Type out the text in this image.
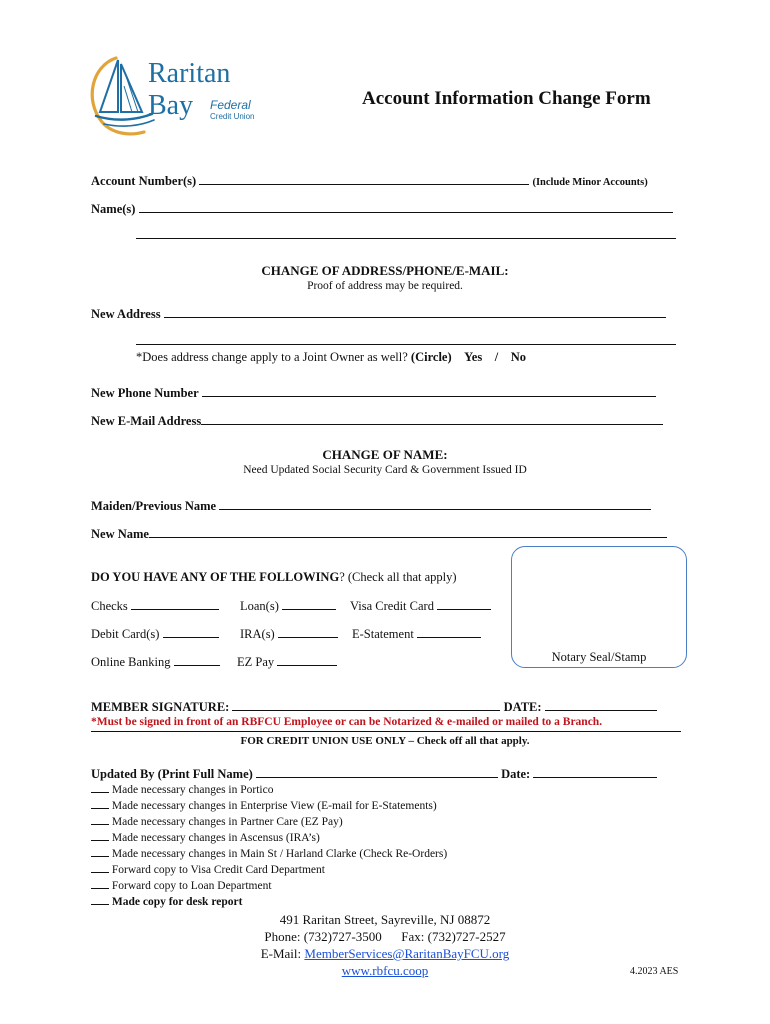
Raritan
Bay Federal
Credit Union
Account Information Change Form
Account Number(s)	(Include Minor Accounts)
Name(s)
CHANGE OF ADDRESS/PHONE/E-MAIL:
Proof of address may be required.
New Address
*Does address change apply to a Joint Owner as well? (Circle) Yes / No
New Phone Number
New E-Mail Address
CHANGE OF NAME:
Need Updated Social Security Card & Government Issued ID
Maiden/Previous Name
New Name
DO YOU HAVE ANY OF THE FOLLOWING? (Check all that apply)
Checks	Loan(s)	Visa Credit Card
Debit Card(s)	IRA(s)	E-Statement
Online Banking	EZ Pay	Notary Seal/Stamp
MEMBER SIGNATURE:	DATE:
*Must be signed in front of an RBFCU Employee or can be Notarized & e-mailed or mailed to a Branch.
FOR CREDIT UNION USE ONLY – Check off all that apply.
Updated By (Print Full Name)	Date:
Made necessary changes in Portico
Made necessary changes in Enterprise View (E-mail for E-Statements)
Made necessary changes in Partner Care (EZ Pay)
Made necessary changes in Ascensus (IRA’s)
Made necessary changes in Main St / Harland Clarke (Check Re-Orders)
Forward copy to Visa Credit Card Department
Forward copy to Loan Department
Made copy for desk report
491 Raritan Street, Sayreville, NJ 08872
Phone: (732)727-3500 Fax: (732)727-2527
E-Mail: MemberServices@RaritanBayFCU.org
www.rbfcu.coop	4.2023 AES
